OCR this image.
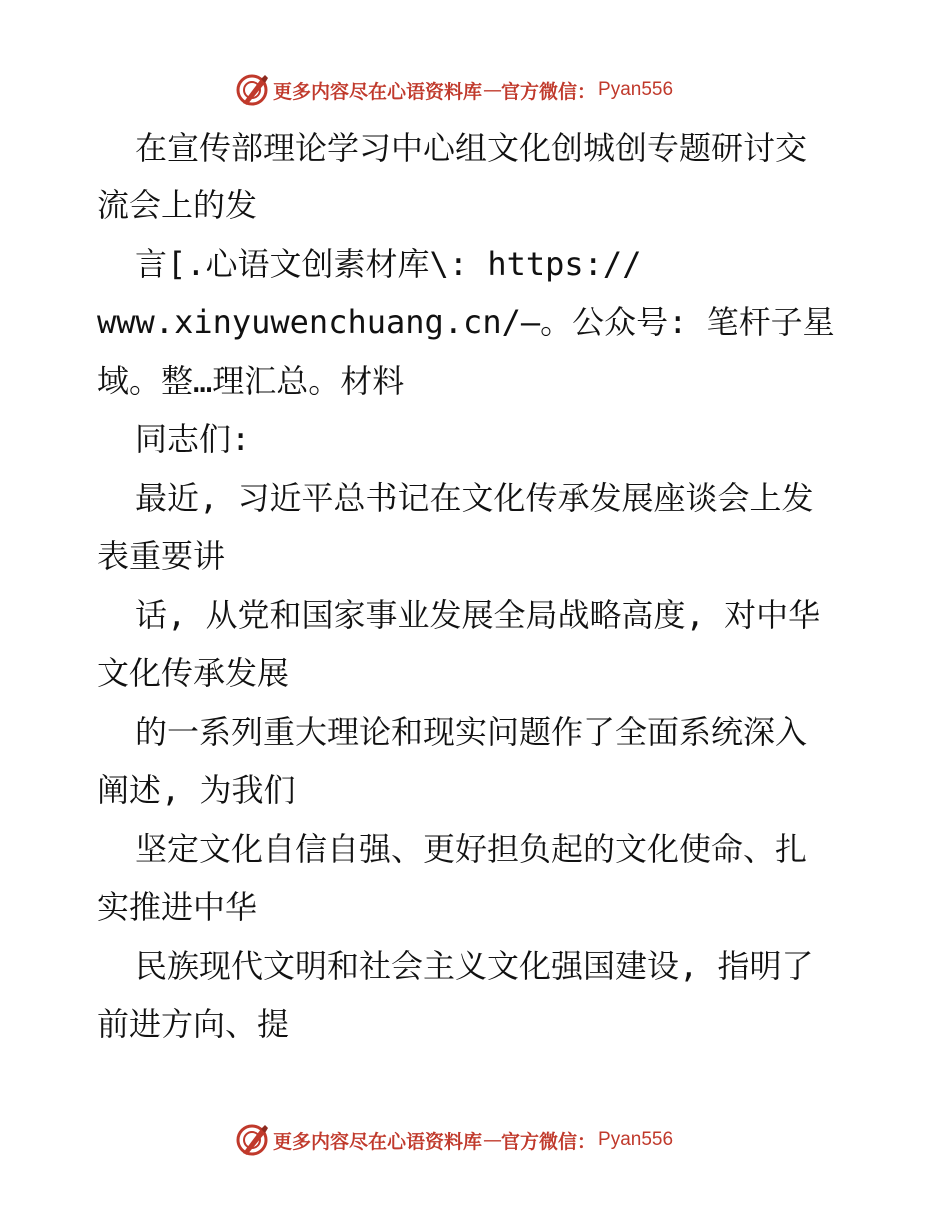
更多内容尽在心语资料库 — 官方微信： Pyan556
在宣传部理论学习中心组文化创城创专题研讨交
流会上的发
言[.心语文创素材库\: https://
www.xinyuwenchuang.cn/—。公众号: 笔杆子星
域。整…理汇总。材料
同志们:
最近, 习近平总书记在文化传承发展座谈会上发
表重要讲
话, 从党和国家事业发展全局战略高度, 对中华
文化传承发展
的一系列重大理论和现实问题作了全面系统深入
阐述, 为我们
坚定文化自信自强、更好担负起的文化使命、扎
实推进中华
民族现代文明和社会主义文化强国建设, 指明了
前进方向、提
更多内容尽在心语资料库 — 官方微信： Pyan556
